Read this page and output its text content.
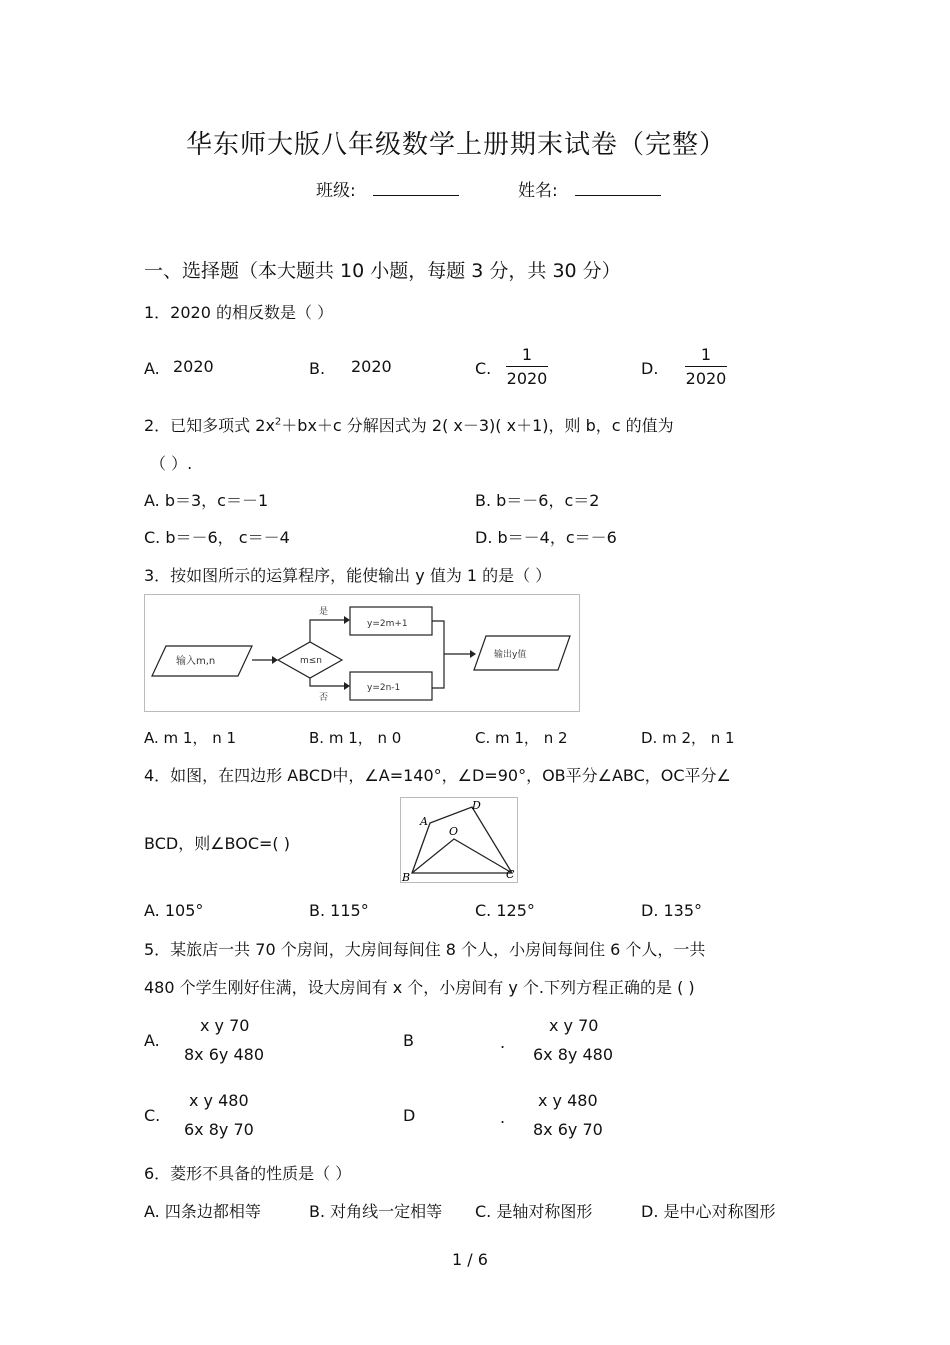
华东师大版八年级数学上册期末试卷（完整）
班级:	姓名:
一、选择题（本大题共 10 小题，每题 3 分，共 30 分）
1．2020 的相反数是（ ）
A. 2020	B. 2020	C.
1
2020
D.
1
2020
2．已知多项式 $2x^2+bx+c$ 分解因式为 2( x－3)( x＋1)，则 b，c 的值为
（ ）.
A. b＝3，c＝－1	B. b＝－6，c＝2
C. b＝－6， c＝－4	D. b＝－4，c＝－6
3．按如图所示的运算程序，能使输出 y 值为 1 的是（ ）
输入m,n	m≤n
是
否
y=2m+1
y=2n-1
输出y值
A. m 1， n 1	B. m 1， n 0	C. m 1， n 2	D. m 2， n 1
4．如图，在四边形 ABCD中，∠A=140°，∠D=90°，OB平分∠ABC，OC平分∠
BCD，则∠BOC=( )
A
B	C
D
O
A. 105°	B. 115°	C. 125°	D. 135°
5．某旅店一共 70 个房间，大房间每间住 8 个人，小房间每间住 6 个人，一共
480 个学生刚好住满，设大房间有 x 个，小房间有 y 个.下列方程正确的是 ( )
A.
x y 70
8x 6y 480
B	.
x y 70
6x 8y 480
C.
x y 480
6x 8y 70
D	.
x y 480
8x 6y 70
6．菱形不具备的性质是（ ）
A. 四条边都相等	B. 对角线一定相等 C. 是轴对称图形	D. 是中心对称图形
1 / 6
